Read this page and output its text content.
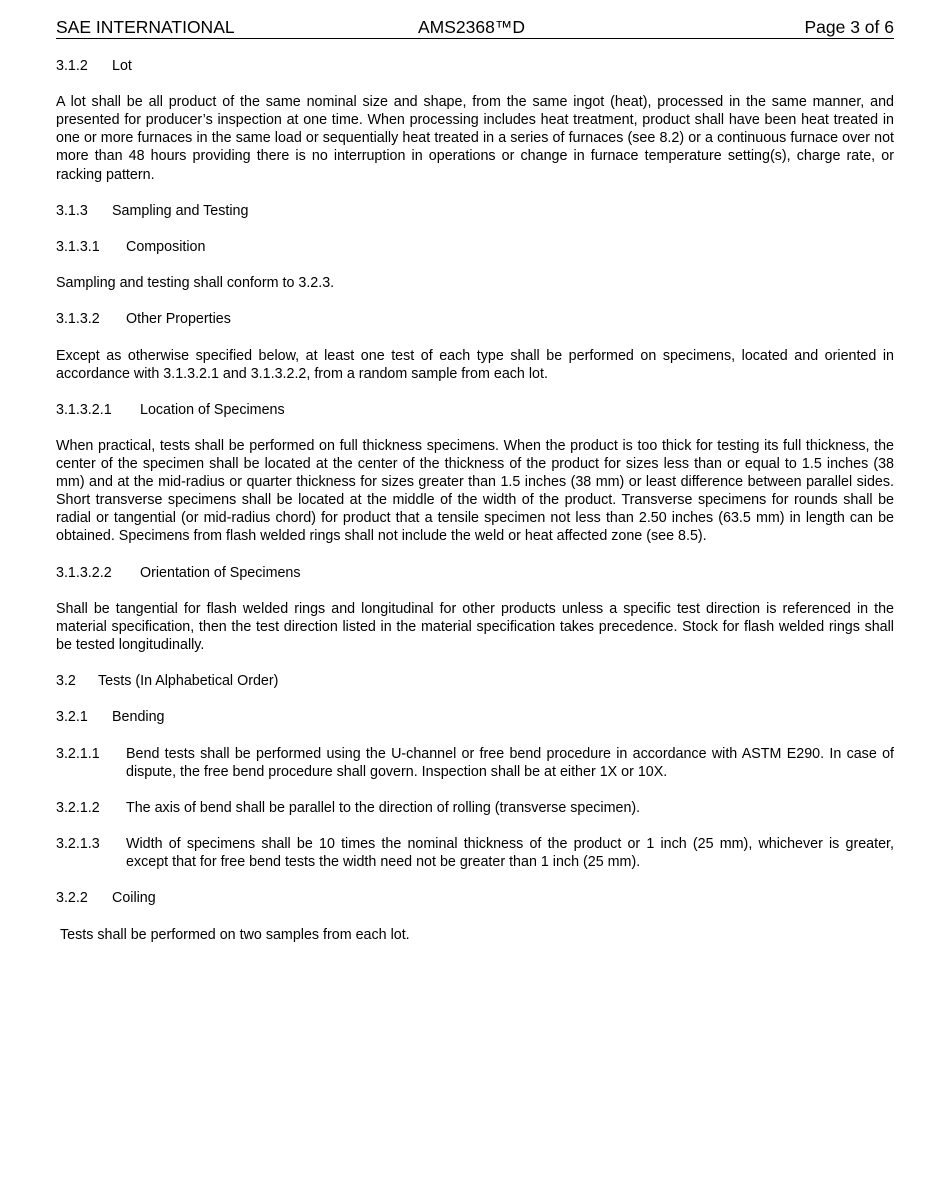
SAE INTERNATIONAL	AMS2368™D	Page 3 of 6
3.1.2 Lot

A lot shall be all product of the same nominal size and shape, from the same ingot (heat), processed in the same manner, and presented for producer’s inspection at one time. When processing includes heat treatment, product shall have been heat treated in one or more furnaces in the same load or sequentially heat treated in a series of furnaces (see 8.2) or a continuous furnace over not more than 48 hours providing there is no interruption in operations or change in furnace temperature setting(s), charge rate, or racking pattern.

3.1.3 Sampling and Testing
3.1.3.1 Composition

Sampling and testing shall conform to 3.2.3.

3.1.3.2 Other Properties

Except as otherwise specified below, at least one test of each type shall be performed on specimens, located and oriented in accordance with 3.1.3.2.1 and 3.1.3.2.2, from a random sample from each lot.

3.1.3.2.1 Location of Specimens

When practical, tests shall be performed on full thickness specimens. When the product is too thick for testing its full thickness, the center of the specimen shall be located at the center of the thickness of the product for sizes less than or equal to 1.5 inches (38 mm) and at the mid-radius or quarter thickness for sizes greater than 1.5 inches (38 mm) or least difference between parallel sides. Short transverse specimens shall be located at the middle of the width of the product. Transverse specimens for rounds shall be radial or tangential (or mid-radius chord) for product that a tensile specimen not less than 2.50 inches (63.5 mm) in length can be obtained. Specimens from flash welded rings shall not include the weld or heat affected zone (see 8.5).

3.1.3.2.2 Orientation of Specimens

Shall be tangential for flash welded rings and longitudinal for other products unless a specific test direction is referenced in the material specification, then the test direction listed in the material specification takes precedence. Stock for flash welded rings shall be tested longitudinally.

3.2 Tests (In Alphabetical Order)
3.2.1 Bending
3.2.1.1 Bend tests shall be performed using the U-channel or free bend procedure in accordance with ASTM E290. In case of dispute, the free bend procedure shall govern. Inspection shall be at either 1X or 10X.
3.2.1.2 The axis of bend shall be parallel to the direction of rolling (transverse specimen).
3.2.1.3 Width of specimens shall be 10 times the nominal thickness of the product or 1 inch (25 mm), whichever is greater, except that for free bend tests the width need not be greater than 1 inch (25 mm).
3.2.2 Coiling

Tests shall be performed on two samples from each lot.
